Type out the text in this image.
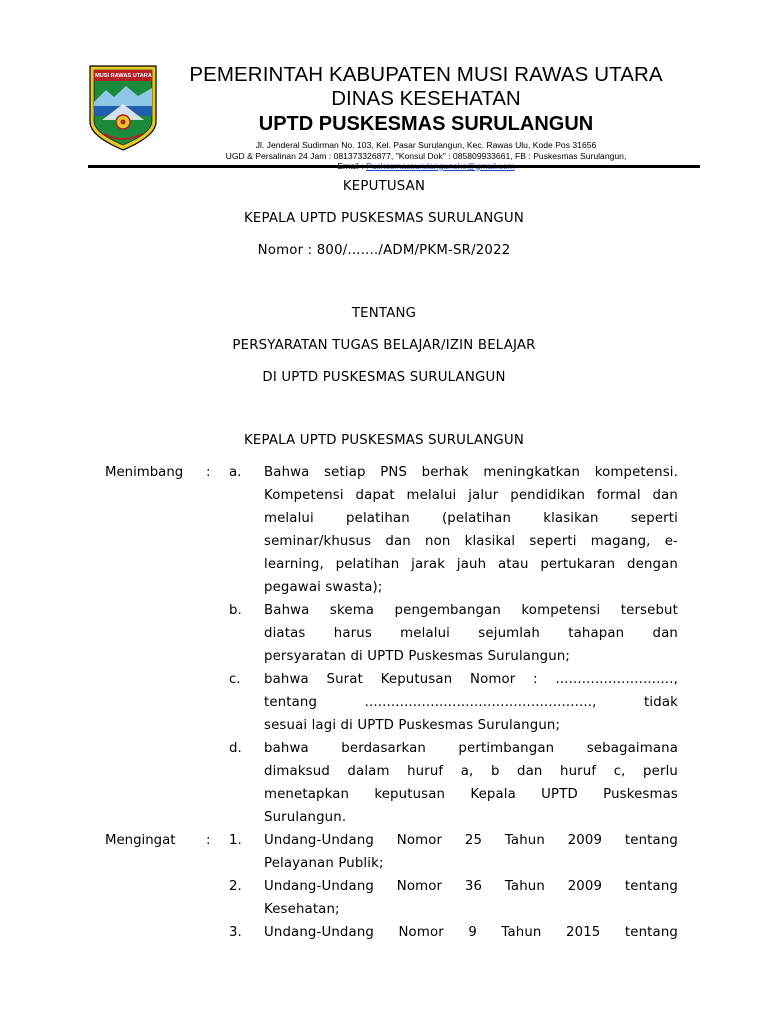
MUSI RAWAS UTARA	PEMERINTAH KABUPATEN MUSI RAWAS UTARA
DINAS KESEHATAN
UPTD PUSKESMAS SURULANGUN
Jl. Jenderal Sudirman No. 103, Kel. Pasar Surulangun, Kec. Rawas Ulu, Kode Pos 31656
UGD & Persalinan 24 Jam : 081373326877, "Konsul Dok" : 085809933661, FB : Puskesmas Surulangun,
KEPUTUSAN
KEPALA UPTD PUSKESMAS SURULANGUN
Nomor : 800/......./ADM/PKM-SR/2022
TENTANG
PERSYARATAN TUGAS BELAJAR/IZIN BELAJAR
DI UPTD PUSKESMAS SURULANGUN
KEPALA UPTD PUSKESMAS SURULANGUN
Menimbang : a. Bahwa setiap PNS berhak meningkatkan kompetensi.
Kompetensi dapat melalui jalur pendidikan formal dan
melalui pelatihan (pelatihan klasikan seperti
seminar/khusus dan non klasikal seperti magang, e-
learning, pelatihan jarak jauh atau pertukaran dengan
pegawai swasta);
b. Bahwa skema pengembangan kompetensi tersebut
diatas harus melalui sejumlah tahapan dan
persyaratan di UPTD Puskesmas Surulangun;
c. bahwa Surat Keputusan Nomor : ...........................,
tentang ...................................................., tidak
sesuai lagi di UPTD Puskesmas Surulangun;
d. bahwa berdasarkan pertimbangan sebagaimana
dimaksud dalam huruf a, b dan huruf c, perlu
menetapkan keputusan Kepala UPTD Puskesmas
Surulangun.
Mengingat : 1. Undang-Undang Nomor 25 Tahun 2009 tentang
Pelayanan Publik;
2. Undang-Undang Nomor 36 Tahun 2009 tentang
Kesehatan;
3. Undang-Undang Nomor 9 Tahun 2015 tentang
